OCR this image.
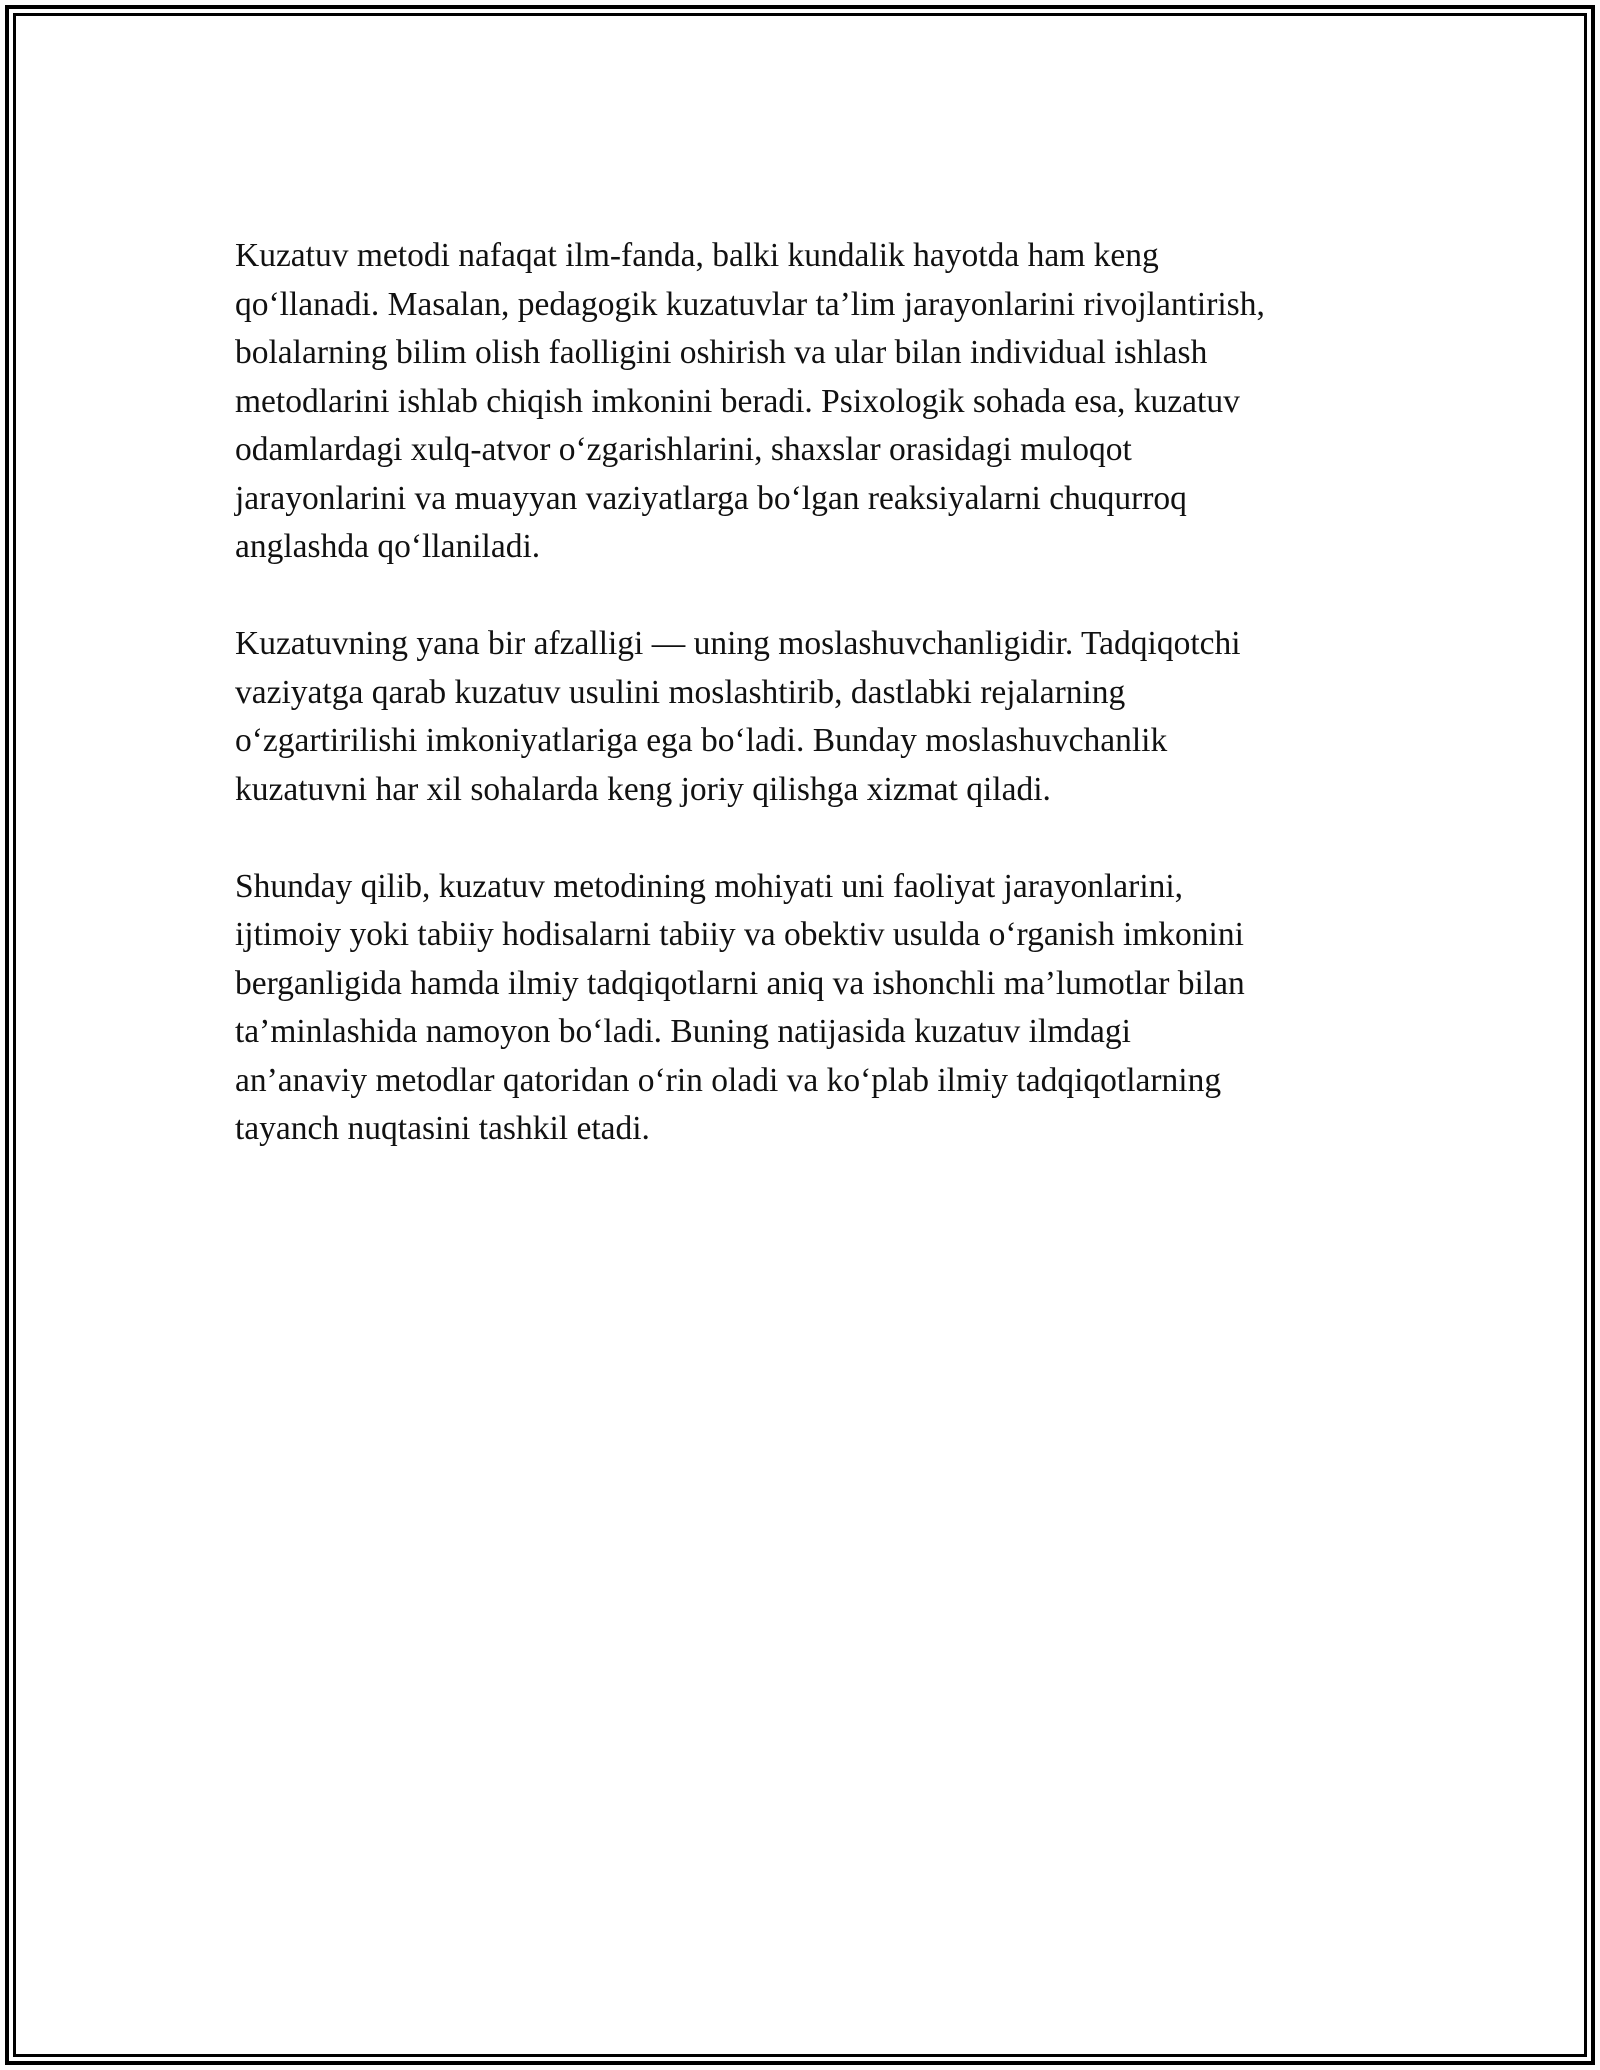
Kuzatuv metodi nafaqat ilm-fanda, balki kundalik hayotda ham keng
qo‘llanadi. Masalan, pedagogik kuzatuvlar ta’lim jarayonlarini rivojlantirish,
bolalarning bilim olish faolligini oshirish va ular bilan individual ishlash
metodlarini ishlab chiqish imkonini beradi. Psixologik sohada esa, kuzatuv
odamlardagi xulq-atvor o‘zgarishlarini, shaxslar orasidagi muloqot
jarayonlarini va muayyan vaziyatlarga bo‘lgan reaksiyalarni chuqurroq
anglashda qo‘llaniladi.

Kuzatuvning yana bir afzalligi — uning moslashuvchanligidir. Tadqiqotchi
vaziyatga qarab kuzatuv usulini moslashtirib, dastlabki rejalarning
o‘zgartirilishi imkoniyatlariga ega bo‘ladi. Bunday moslashuvchanlik
kuzatuvni har xil sohalarda keng joriy qilishga xizmat qiladi.

Shunday qilib, kuzatuv metodining mohiyati uni faoliyat jarayonlarini,
ijtimoiy yoki tabiiy hodisalarni tabiiy va obektiv usulda o‘rganish imkonini
berganligida hamda ilmiy tadqiqotlarni aniq va ishonchli ma’lumotlar bilan
ta’minlashida namoyon bo‘ladi. Buning natijasida kuzatuv ilmdagi
an’anaviy metodlar qatoridan o‘rin oladi va ko‘plab ilmiy tadqiqotlarning
tayanch nuqtasini tashkil etadi.
